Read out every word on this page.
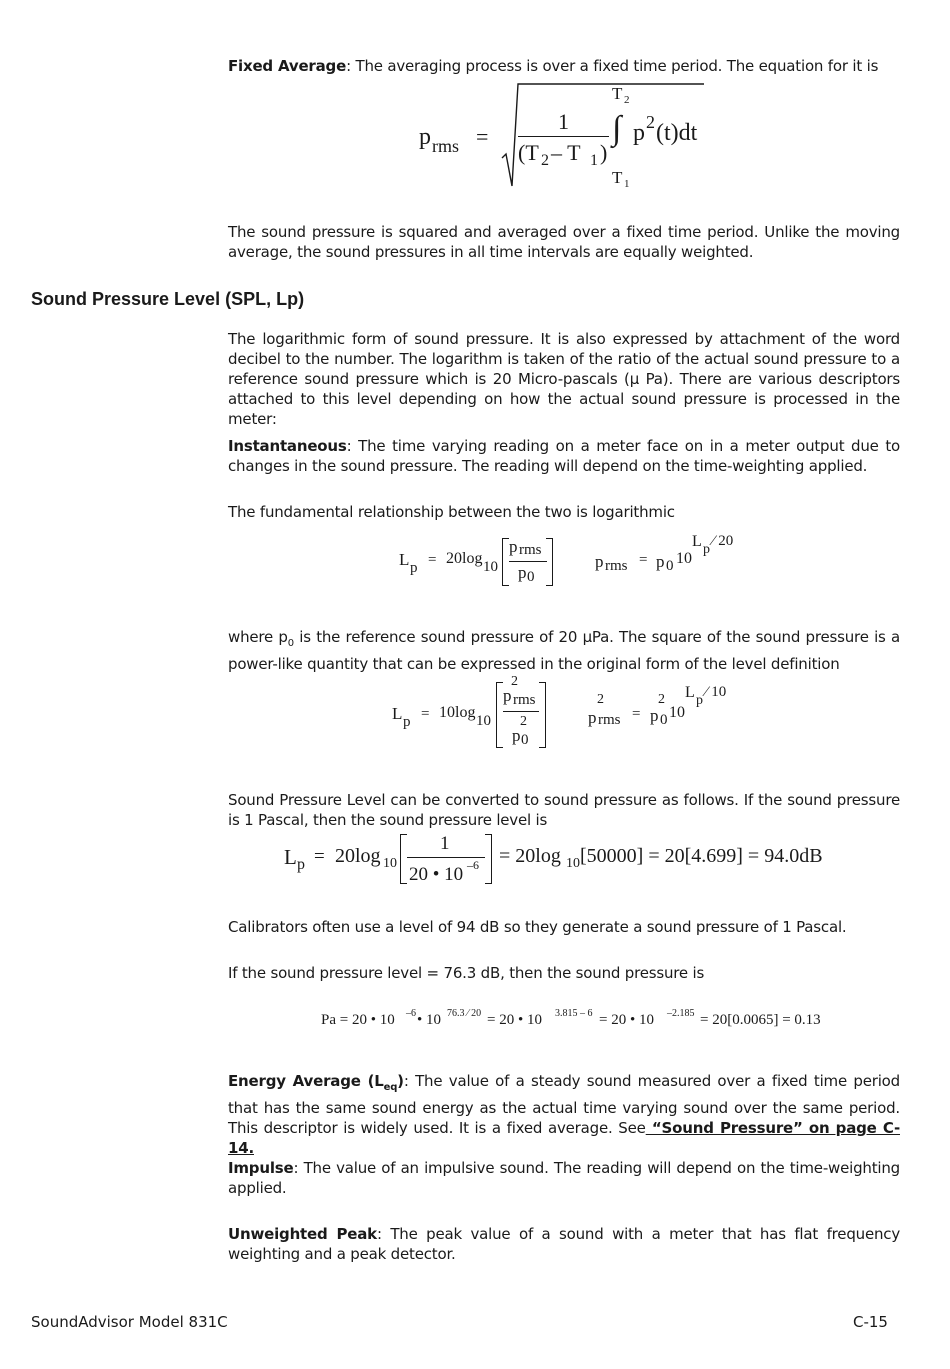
Fixed Average: The averaging process is over a fixed time period. The equation for it is
p rms =
1
(T 2 – T 1 )
∫
T 2
T 1
p 2 (t)dt
The sound pressure is squared and averaged over a fixed time period. Unlike the moving average, the sound pressures in all time intervals are equally weighted.
Sound Pressure Level (SPL, Lp)
The logarithmic form of sound pressure. It is also expressed by attachment of the word decibel to the number. The logarithm is taken of the ratio of the actual sound pressure to a reference sound pressure which is 20 Micro-pascals (μ Pa). There are various descriptors attached to this level depending on how the actual sound pressure is processed in the meter:
Instantaneous: The time varying reading on a meter face on in a meter output due to changes in the sound pressure. The reading will depend on the time-weighting applied.
The fundamental relationship between the two is logarithmic
L p = 20log 10
p rms
p 0
p rms = p 0 10
L p
⁄ 20
where $p_0$ is the reference sound pressure of 20 μPa. The square of the sound pressure is a power-like quantity that can be expressed in the original form of the level definition
L p = 10log 10
2
p rms
2
p 0
2
p rms =
2
p 0 10
L p
⁄ 10
Sound Pressure Level can be converted to sound pressure as follows. If the sound pressure is 1 Pascal, then the sound pressure level is
L p = 20log 10
1
20 • 10 –6 = 20log 10 [50000] = 20[4.699] = 94.0dB
Calibrators often use a level of 94 dB so they generate a sound pressure of 1 Pascal.
If the sound pressure level = 76.3 dB, then the sound pressure is
Pa = 20 • 10 –6 • 10 76.3 ⁄ 20 = 20 • 10 3.815 – 6 = 20 • 10 –2.185 = 20[0.0065] = 0.13
Energy Average $(L_{eq})$: The value of a steady sound measured over a fixed time period that has the same sound energy as the actual time varying sound over the same period. This descriptor is widely used. It is a fixed average. See “Sound Pressure” on page C-14.
Impulse: The value of an impulsive sound. The reading will depend on the time-weighting applied.
Unweighted Peak: The peak value of a sound with a meter that has flat frequency weighting and a peak detector.
SoundAdvisor Model 831C	C-15
